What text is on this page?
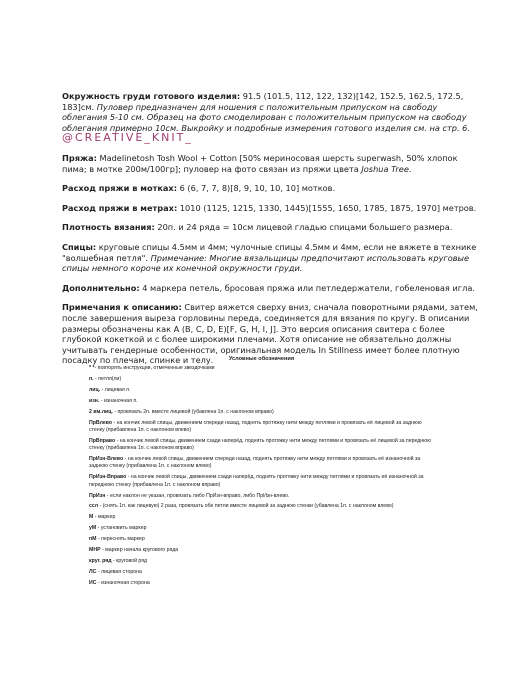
Окружность груди готового изделия: 91.5 (101.5, 112, 122, 132)[142, 152.5, 162.5, 172.5, 183]см. Пуловер предназначен для ношения с положительным припуском на свободу облегания 5-10 см. Образец на фото смоделирован с положительным припуском на свободу облегания примерно 10см. Выкройку и подробные измерения готового изделия см. на стр. 6. @CREATIVE_KNIT_

Пряжа: Madelinetosh Tosh Wool + Cotton [50% мериносовая шерсть superwash, 50% хлопок пима; в мотке 200м/100гр]; пуловер на фото связан из пряжи цвета Joshua Tree.

Расход пряжи в мотках: 6 (6, 7, 7, 8)[8, 9, 10, 10, 10] мотков.

Расход пряжи в метрах: 1010 (1125, 1215, 1330, 1445)[1555, 1650, 1785, 1875, 1970] метров.

Плотность вязания: 20п. и 24 ряда = 10см лицевой гладью спицами большего размера.

Спицы: круговые спицы 4.5мм и 4мм; чулочные спицы 4.5мм и 4мм, если не вяжете в технике "волшебная петля". Примечание: Многие вязальщицы предпочитают использовать круговые спицы немного короче их конечной окружности груди.

Дополнительно: 4 маркера петель, бросовая пряжа или петледержатели, гобеленовая игла.

Примечания к описанию: Свитер вяжется сверху вниз, сначала поворотными рядами, затем, после завершения выреза горловины переда, соединяется для вязания по кругу. В описании размеры обозначены как A (B, C, D, E)[F, G, H, I, J]. Это версия описания свитера с более глубокой кокеткой и с более широкими плечами. Хотя описание не обязательно должны учитывать гендерные особенности, оригинальная модель In Stillness имеет более плотную посадку по плечам, спинке и телу.	Условные обозначения
* *- повторять инструкции, отмеченные звездочками
п. - петля(ли)
лиц. - лицевая п.
изн. - изнаночная п.
2 вм.лиц. - провязать 2п. вместе лицевой (убавлена 1п. с наклоном вправо)
ПрВлево - на кончик левой спицы, движением спереди назад, поднять протяжку нити между петлями и провязать её лицевой за заднюю стенку (прибавлена 1п. с наклоном влево)
ПрВправо - на кончик левой спицы, движением сзади наперёд, поднять протяжку нити между петлями и провязать её лицевой за переднюю стенку (прибавлена 1п. с наклоном вправо)
ПрИзн-Влево - на кончик левой спицы, движением спереди назад, поднять протяжку нити между петлями и провязать её изнаночной за заднюю стенку (прибавлена 1п. с наклоном влево)
ПрИзн-Вправо - на кончик левой спицы, движением сзади наперёд, поднять протяжку нити между петлями и провязать её изнаночной за переднюю стенку (прибавлена 1п. с наклоном вправо)
ПрИзн - если наклон не указан, провязать либо ПрИзн-вправо, либо ПрИзн-влево.
ссл - (снять 1п. как лицевую) 2 раза, провязать обе петли вместе лицевой за заднюю стенки (убавлена 1п. с наклоном влево)
М - маркер
уМ - установить маркер
пМ - переснять маркер
МНР - маркер начала кругового ряда
круг. ряд - круговой ряд
ЛС - лицевая сторона
ИС - изнаночная сторона
